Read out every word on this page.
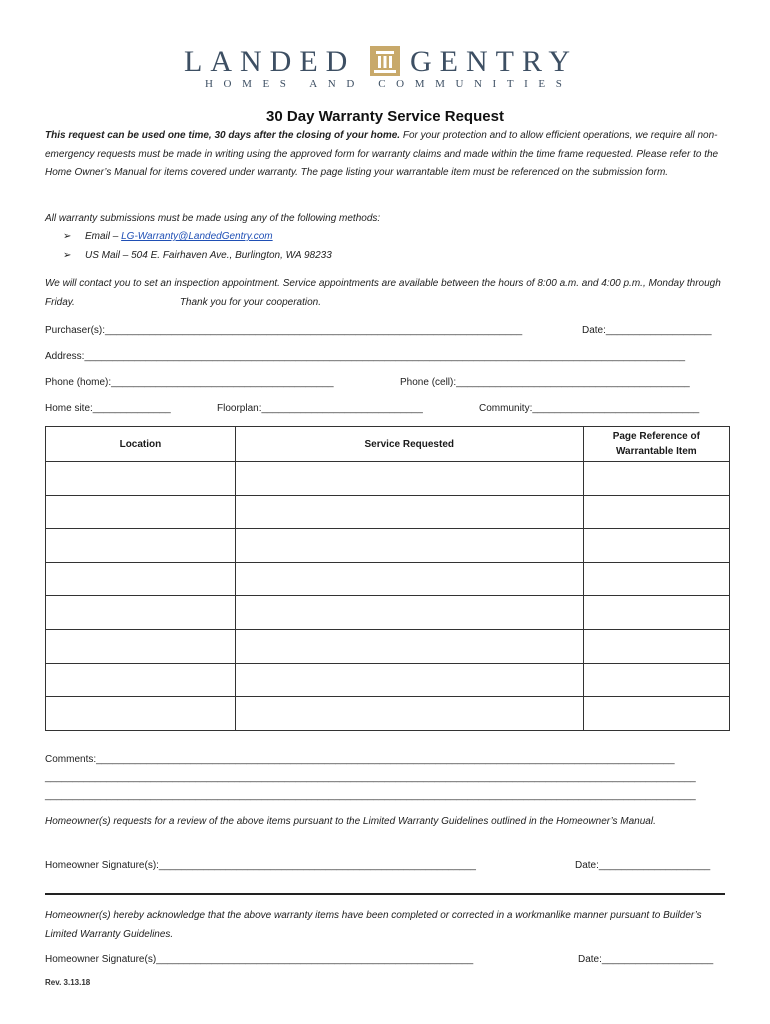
LANDED GENTRY
HOMES AND COMMUNITIES
30 Day Warranty Service Request
This request can be used one time, 30 days after the closing of your home. For your protection and to allow efficient operations, we require all non-emergency requests must be made in writing using the approved form for warranty claims and made within the time frame requested. Please refer to the Home Owner’s Manual for items covered under warranty. The page listing your warrantable item must be referenced on the submission form.
All warranty submissions must be made using any of the following methods:
➢ Email – LG-Warranty@LandedGentry.com
➢ US Mail – 504 E. Fairhaven Ave., Burlington, WA 98233
We will contact you to set an inspection appointment. Service appointments are available between the hours of 8:00 a.m. and 4:00 p.m., Monday through Friday.	Thank you for your cooperation.
Purchaser(s):___________________________________________________________________________	Date:___________________
Address:____________________________________________________________________________________________________________
Phone (home):________________________________________	Phone (cell):__________________________________________
Home site:______________	Floorplan:_____________________________	Community:______________________________
Location	Service Requested	Page Reference of Warrantable Item

Comments:________________________________________________________________________________________________________
_____________________________________________________________________________________________________________________
_____________________________________________________________________________________________________________________
Homeowner(s) requests for a review of the above items pursuant to the Limited Warranty Guidelines outlined in the Homeowner’s Manual.
Homeowner Signature(s):_________________________________________________________	Date:____________________
Homeowner(s) hereby acknowledge that the above warranty items have been completed or corrected in a workmanlike manner pursuant to Builder’s Limited Warranty Guidelines.
Homeowner Signature(s)_________________________________________________________	Date:____________________
Rev. 3.13.18
